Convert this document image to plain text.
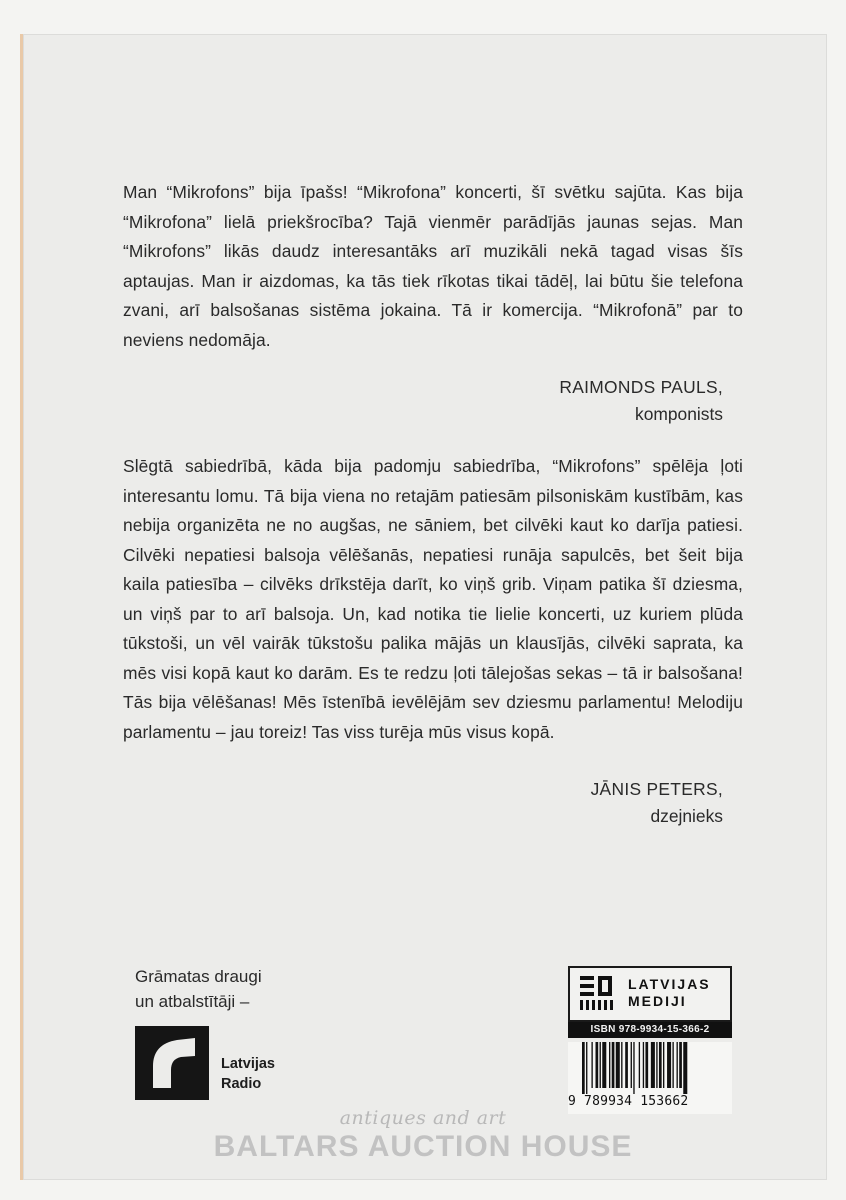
Man “Mikrofons” bija īpašs! “Mikrofona” koncerti, šī svētku sajūta. Kas bija “Mikrofona” lielā priekšrocība? Tajā vienmēr parādījās jaunas sejas. Man “Mikrofons” likās daudz interesantāks arī muzikāli nekā tagad visas šīs aptaujas. Man ir aizdomas, ka tās tiek rīkotas tikai tādēļ, lai būtu šie telefona zvani, arī balsošanas sistēma jokaina. Tā ir komercija. “Mikrofonā” par to neviens nedomāja.

RAIMONDS PAULS,
komponists

Slēgtā sabiedrībā, kāda bija padomju sabiedrība, “Mikrofons” spēlēja ļoti interesantu lomu. Tā bija viena no retajām patiesām pilsoniskām kustībām, kas nebija organizēta ne no augšas, ne sāniem, bet cilvēki kaut ko darīja patiesi. Cilvēki nepatiesi balsoja vēlēšanās, nepatiesi runāja sapulcēs, bet šeit bija kaila patiesība – cilvēks drīkstēja darīt, ko viņš grib. Viņam patika šī dziesma, un viņš par to arī balsoja. Un, kad notika tie lielie koncerti, uz kuriem plūda tūkstoši, un vēl vairāk tūkstošu palika mājās un klausījās, cilvēki saprata, ka mēs visi kopā kaut ko darām. Es te redzu ļoti tālejošas sekas – tā ir balsošana! Tās bija vēlēšanas! Mēs īstenībā ievēlējām sev dziesmu parlamentu! Melodiju parlamentu – jau toreiz! Tas viss turēja mūs visus kopā.

JĀNIS PETERS,
dzejnieks
Grāmatas draugi
un atbalstītāji –
Latvijas
Radio
LATVIJAS
MEDIJI
ISBN 978-9934-15-366-2
9 789934 153662
antiques and art
BALTARS AUCTION HOUSE
